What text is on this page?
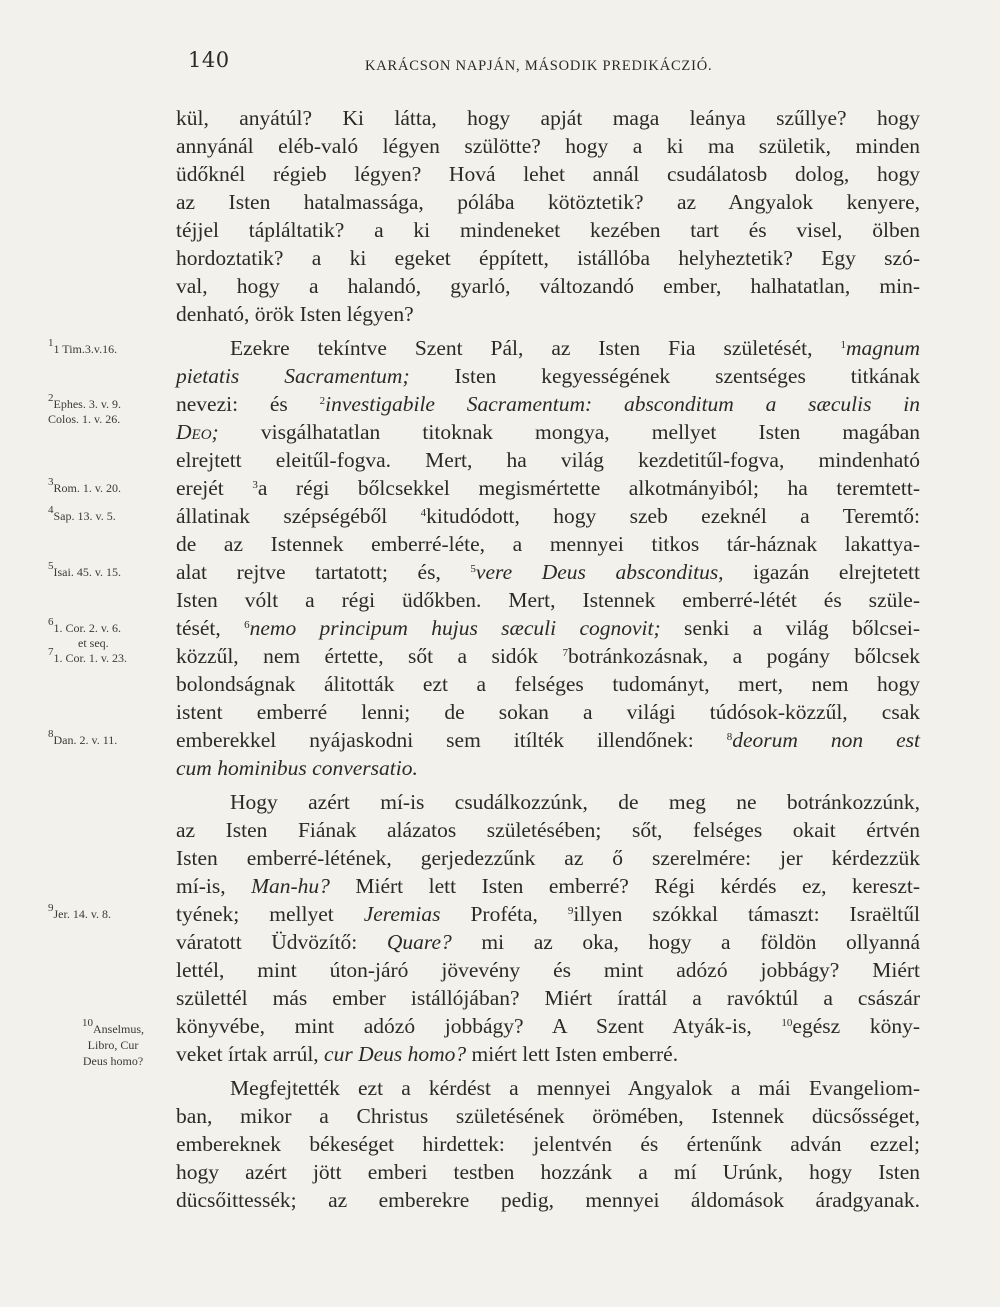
140	KARÁCSON NAPJÁN, MÁSODIK PREDIKÁCZIÓ.
kül, anyátúl? Ki látta, hogy apját maga leánya szűllye? hogy
annyánál eléb-való légyen szülötte? hogy a ki ma születik, minden
üdőknél régieb légyen? Hová lehet annál csudálatosb dolog, hogy
az Isten hatalmassága, pólába kötöztetik? az Angyalok kenyere,
téjjel tápláltatik? a ki mindeneket kezében tart és visel, ölben
hordoztatik? a ki egeket éppített, istállóba helyheztetik? Egy szó-
val, hogy a halandó, gyarló, változandó ember, halhatatlan, min-
denható, örök Isten légyen?
Ezekre tekíntve Szent Pál, az Isten Fia születését, $^1$magnum
pietatis Sacramentum; Isten kegyességének szentséges titkának
nevezi: és $^2$investigabile Sacramentum: absconditum a sæculis in
Deo; visgálhatatlan titoknak mongya, mellyet Isten magában
elrejtett eleitűl-fogva. Mert, ha világ kezdetitűl-fogva, mindenható
erejét $^3$a régi bőlcsekkel megismértette alkotmányiból; ha teremtett-
állatinak szépségéből $^4$kitudódott, hogy szeb ezeknél a Teremtő:
de az Istennek emberré-léte, a mennyei titkos tár-háznak lakattya-
alat rejtve tartatott; és, $^5$vere Deus absconditus, igazán elrejtetett
Isten vólt a régi üdőkben. Mert, Istennek emberré-létét és szüle-
tését, $^6$nemo principum hujus sæculi cognovit; senki a világ bőlcsei-
közzűl, nem értette, sőt a sidók $^7$botránkozásnak, a pogány bőlcsek
bolondságnak álitották ezt a felséges tudományt, mert, nem hogy
istent emberré lenni; de sokan a világi túdósok-közzűl, csak
emberekkel nyájaskodni sem itílték illendőnek: $^8$deorum non est
cum hominibus conversatio.
Hogy azért mí-is csudálkozzúnk, de meg ne botránkozzúnk,
az Isten Fiának alázatos születésében; sőt, felséges okait értvén
Isten emberré-létének, gerjedezzűnk az ő szerelmére: jer kérdezzük
mí-is, Man-hu? Miért lett Isten emberré? Régi kérdés ez, kereszt-
tyének; mellyet Jeremias Proféta, $^9$illyen szókkal támaszt: Israëltűl
váratott Üdvözítő: Quare? mi az oka, hogy a földön ollyanná
lettél, mint úton-járó jövevény és mint adózó jobbágy? Miért
születtél más ember istállójában? Miért írattál a ravóktúl a császár
könyvébe, mint adózó jobbágy? A Szent Atyák-is, $^{10}$egész köny-
veket írtak arrúl, cur Deus homo? miért lett Isten emberré.
Megfejtették ezt a kérdést a mennyei Angyalok a mái Evangeliom-
ban, mikor a Christus születésének örömében, Istennek dücsősséget,
embereknek békeséget hirdettek: jelentvén és értenűnk adván ezzel;
hogy azért jött emberi testben hozzánk a mí Urúnk, hogy Isten
dücsőittessék; az emberekre pedig, mennyei áldomások áradgyanak.
$^1$1 Tim.3.v.16.
$^2$Ephes. 3. v. 9.
Colos. 1. v. 26.
$^3$Rom. 1. v. 20.
$^4$Sap. 13. v. 5.
$^5$Isai. 45. v. 15.
$^6$1. Cor. 2. v. 6.
et seq.
$^7$1. Cor. 1. v. 23.
$^8$Dan. 2. v. 11.
$^9$Jer. 14. v. 8.
$^{10}$Anselmus,
Libro, Cur
Deus homo?
